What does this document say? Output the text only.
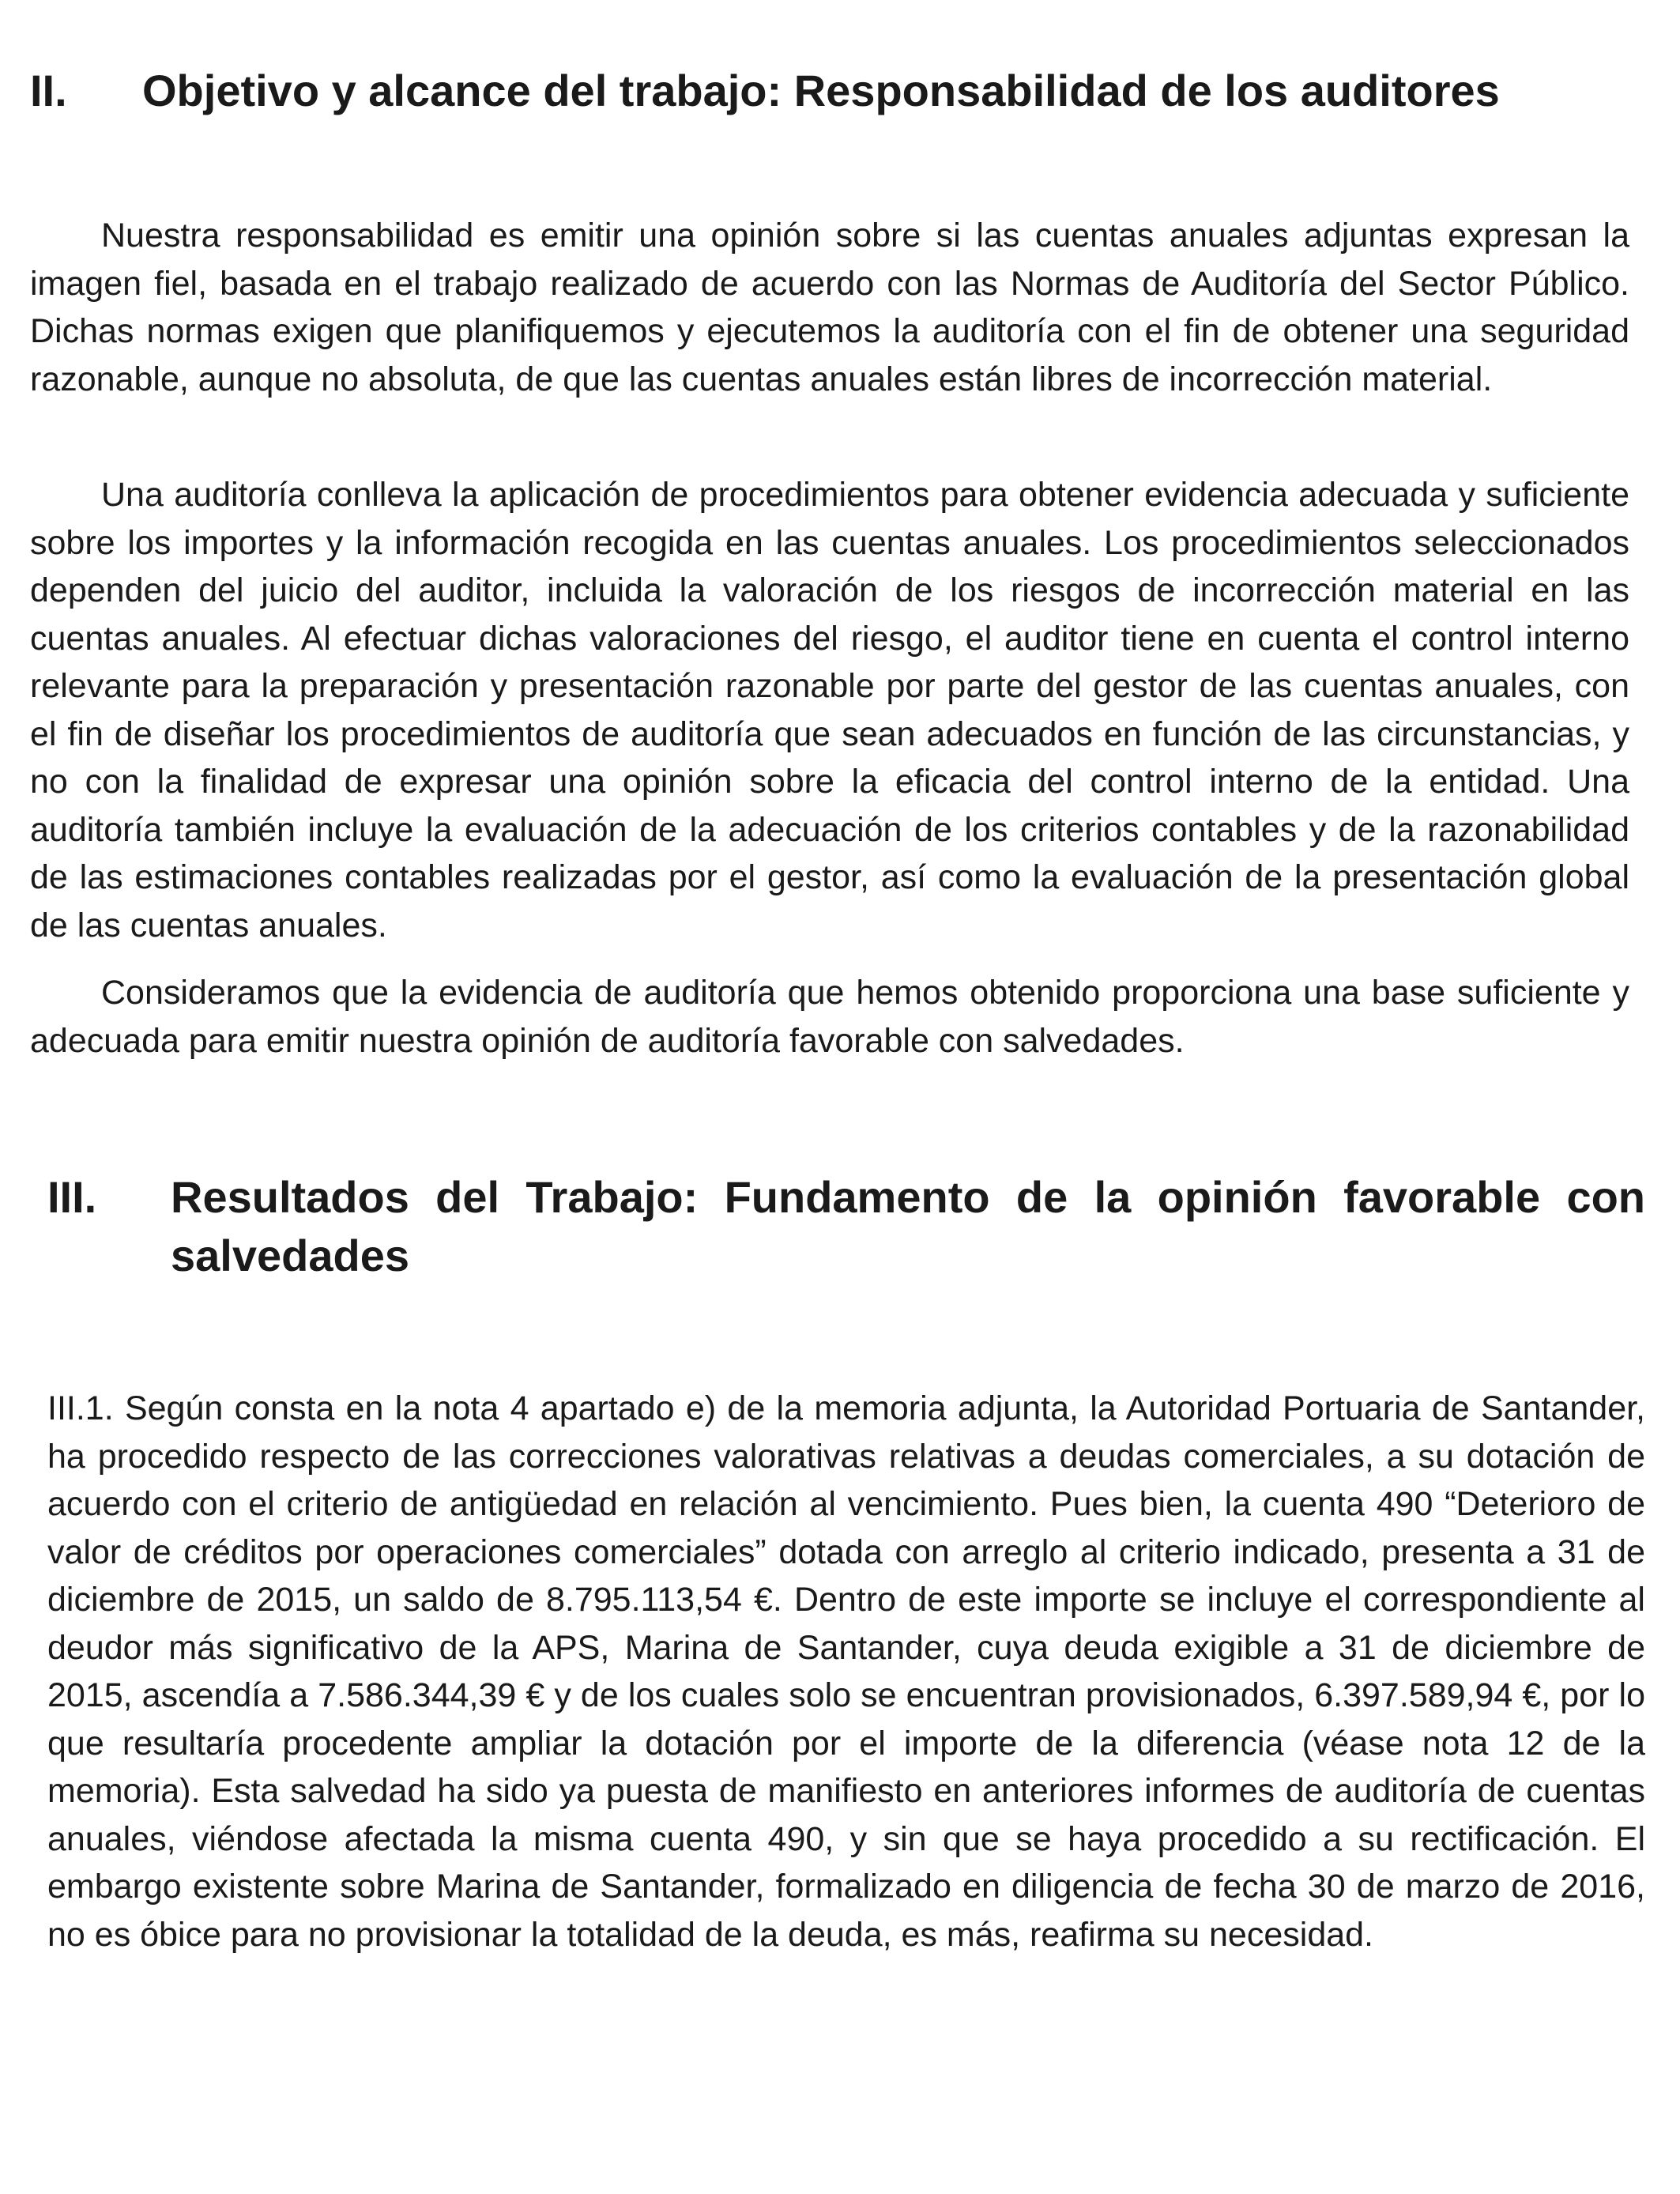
II. Objetivo y alcance del trabajo: Responsabilidad de los auditores

Nuestra responsabilidad es emitir una opinión sobre si las cuentas anuales adjuntas expresan la imagen fiel, basada en el trabajo realizado de acuerdo con las Normas de Auditoría del Sector Público. Dichas normas exigen que planifiquemos y ejecutemos la auditoría con el fin de obtener una seguridad razonable, aunque no absoluta, de que las cuentas anuales están libres de incorrección material.

Una auditoría conlleva la aplicación de procedimientos para obtener evidencia adecuada y suficiente sobre los importes y la información recogida en las cuentas anuales. Los procedimientos seleccionados dependen del juicio del auditor, incluida la valoración de los riesgos de incorrección material en las cuentas anuales. Al efectuar dichas valoraciones del riesgo, el auditor tiene en cuenta el control interno relevante para la preparación y presentación razonable por parte del gestor de las cuentas anuales, con el fin de diseñar los procedimientos de auditoría que sean adecuados en función de las circunstancias, y no con la finalidad de expresar una opinión sobre la eficacia del control interno de la entidad. Una auditoría también incluye la evaluación de la adecuación de los criterios contables y de la razonabilidad de las estimaciones contables realizadas por el gestor, así como la evaluación de la presentación global de las cuentas anuales.

Consideramos que la evidencia de auditoría que hemos obtenido proporciona una base suficiente y adecuada para emitir nuestra opinión de auditoría favorable con salvedades.

III. Resultados del Trabajo: Fundamento de la opinión favorable con salvedades

III.1. Según consta en la nota 4 apartado e) de la memoria adjunta, la Autoridad Portuaria de Santander, ha procedido respecto de las correcciones valorativas relativas a deudas comerciales, a su dotación de acuerdo con el criterio de antigüedad en relación al vencimiento. Pues bien, la cuenta 490 “Deterioro de valor de créditos por operaciones comerciales” dotada con arreglo al criterio indicado, presenta a 31 de diciembre de 2015, un saldo de 8.795.113,54 €. Dentro de este importe se incluye el correspondiente al deudor más significativo de la APS, Marina de Santander, cuya deuda exigible a 31 de diciembre de 2015, ascendía a 7.586.344,39 € y de los cuales solo se encuentran provisionados, 6.397.589,94 €, por lo que resultaría procedente ampliar la dotación por el importe de la diferencia (véase nota 12 de la memoria). Esta salvedad ha sido ya puesta de manifiesto en anteriores informes de auditoría de cuentas anuales, viéndose afectada la misma cuenta 490, y sin que se haya procedido a su rectificación. El embargo existente sobre Marina de Santander, formalizado en diligencia de fecha 30 de marzo de 2016, no es óbice para no provisionar la totalidad de la deuda, es más, reafirma su necesidad.
